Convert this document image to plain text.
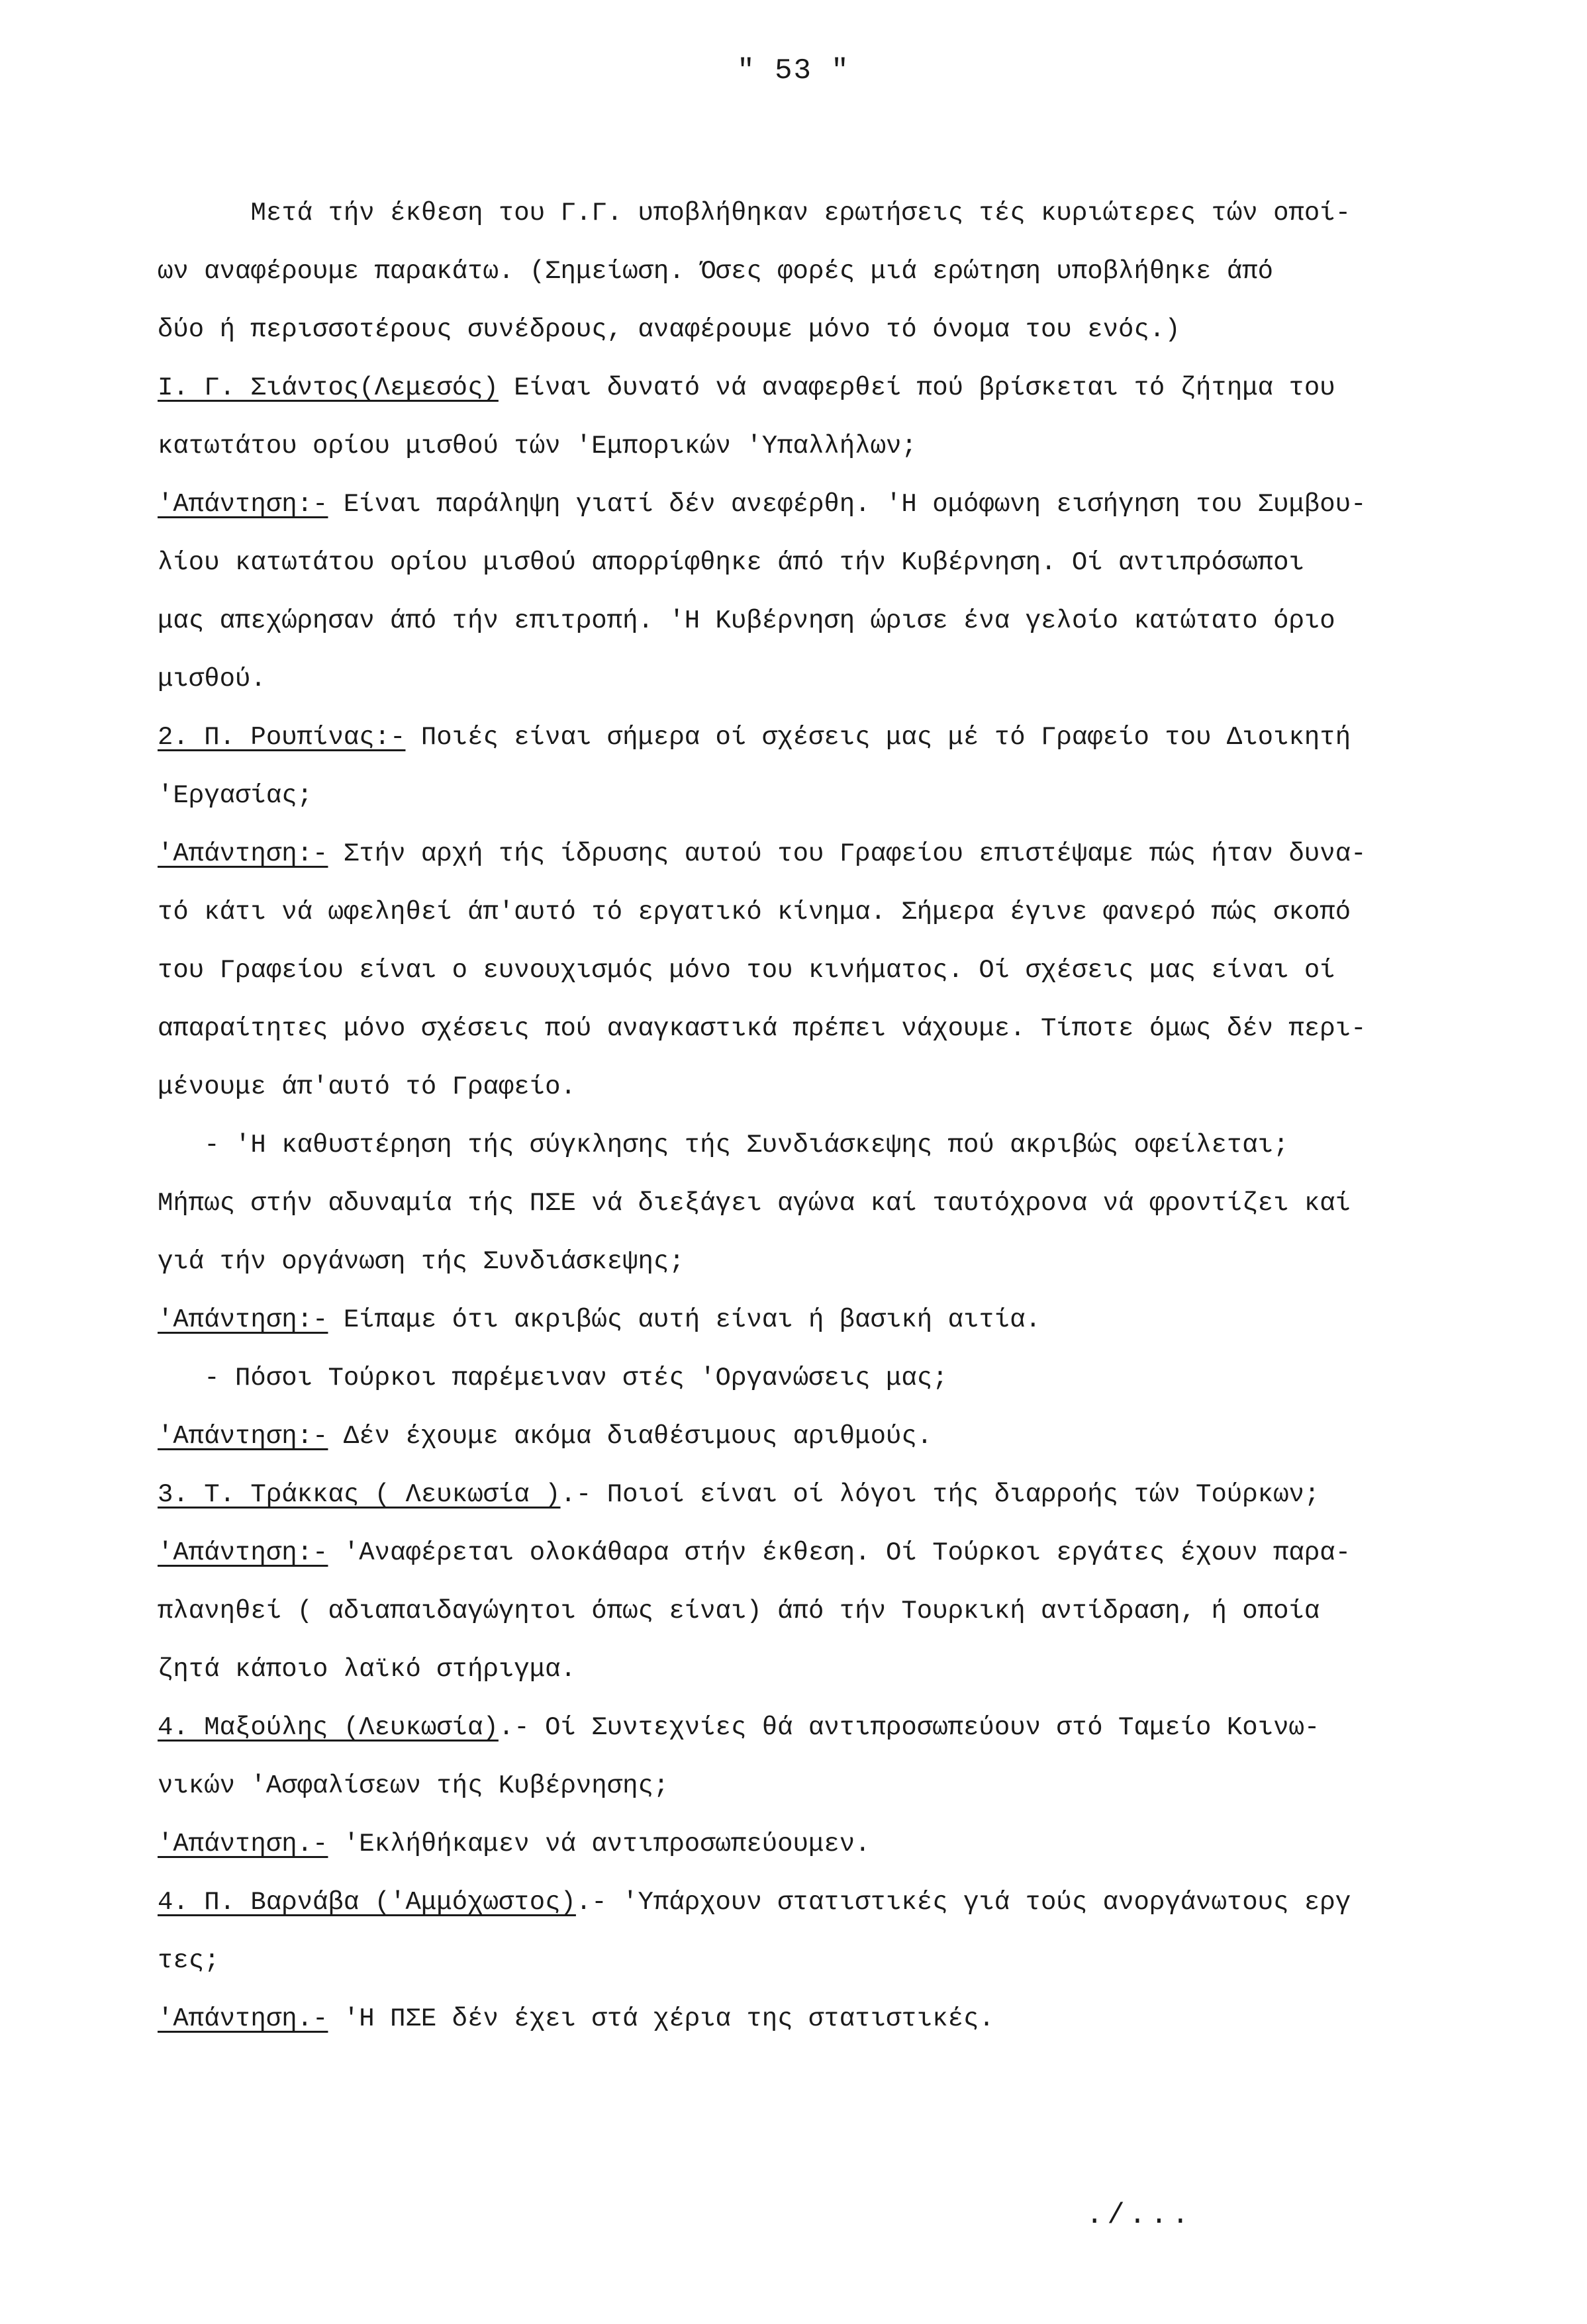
" 53 "
Μετά τήν έκθεση του Γ.Γ. υποβλήθηκαν ερωτήσεις τές κυριώτερες τών οποί-
ων αναφέρουμε παρακάτω. (Σημείωση. Όσες φορές μιά ερώτηση υποβλήθηκε άπό
δύο ή περισσοτέρους συνέδρους, αναφέρουμε μόνο τό όνομα του ενός.)
Ι. Γ. Σιάντος(Λεμεσός) Είναι δυνατό νά αναφερθεί πού βρίσκεται τό ζήτημα του
κατωτάτου ορίου μισθού τών 'Εμπορικών 'Υπαλλήλων;
'Απάντηση:- Είναι παράληψη γιατί δέν ανεφέρθη. 'Η ομόφωνη εισήγηση του Συμβου-
λίου κατωτάτου ορίου μισθού απορρίφθηκε άπό τήν Κυβέρνηση. Οί αντιπρόσωποι
μας απεχώρησαν άπό τήν επιτροπή. 'Η Κυβέρνηση ώρισε ένα γελοίο κατώτατο όριο
μισθού.
2. Π. Ρουπίνας:- Ποιές είναι σήμερα οί σχέσεις μας μέ τό Γραφείο του Διοικητή
'Εργασίας;
'Απάντηση:- Στήν αρχή τής ίδρυσης αυτού του Γραφείου επιστέψαμε πώς ήταν δυνα-
τό κάτι νά ωφεληθεί άπ'αυτό τό εργατικό κίνημα. Σήμερα έγινε φανερό πώς σκοπό
του Γραφείου είναι ο ευνουχισμός μόνο του κινήματος. Οί σχέσεις μας είναι οί
απαραίτητες μόνο σχέσεις πού αναγκαστικά πρέπει νάχουμε. Τίποτε όμως δέν περι-
μένουμε άπ'αυτό τό Γραφείο.
- 'Η καθυστέρηση τής σύγκλησης τής Συνδιάσκεψης πού ακριβώς οφείλεται;
Μήπως στήν αδυναμία τής ΠΣΕ νά διεξάγει αγώνα καί ταυτόχρονα νά φροντίζει καί
γιά τήν οργάνωση τής Συνδιάσκεψης;
'Απάντηση:- Είπαμε ότι ακριβώς αυτή είναι ή βασική αιτία.
- Πόσοι Τούρκοι παρέμειναν στές 'Οργανώσεις μας;
'Απάντηση:- Δέν έχουμε ακόμα διαθέσιμους αριθμούς.
3. Τ. Τράκκας ( Λευκωσία ).- Ποιοί είναι οί λόγοι τής διαρροής τών Τούρκων;
'Απάντηση:- 'Αναφέρεται ολοκάθαρα στήν έκθεση. Οί Τούρκοι εργάτες έχουν παρα-
πλανηθεί ( αδιαπαιδαγώγητοι όπως είναι) άπό τήν Τουρκική αντίδραση, ή οποία
ζητά κάποιο λαϊκό στήριγμα.
4. Μαξούλης (Λευκωσία).- Οί Συντεχνίες θά αντιπροσωπεύουν στό Ταμείο Κοινω-
νικών 'Ασφαλίσεων τής Κυβέρνησης;
'Απάντηση.- 'Εκλήθήκαμεν νά αντιπροσωπεύουμεν.
4. Π. Βαρνάβα ('Αμμόχωστος).- 'Υπάρχουν στατιστικές γιά τούς ανοργάνωτους εργ
τες;
'Απάντηση.- 'Η ΠΣΕ δέν έχει στά χέρια της στατιστικές.
./...
